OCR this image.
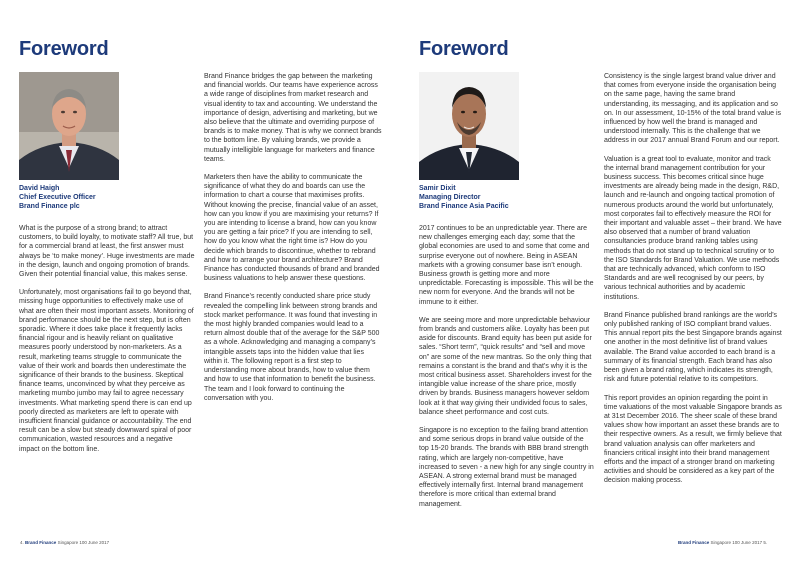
Foreword
David Haigh
Chief Executive Officer
Brand Finance plc

What is the purpose of a strong brand; to attract customers, to build loyalty, to motivate staff? All true, but for a commercial brand at least, the first answer must always be ‘to make money’. Huge investments are made in the design, launch and ongoing promotion of brands. Given their potential financial value, this makes sense.

Unfortunately, most organisations fail to go beyond that, missing huge opportunities to effectively make use of what are often their most important assets. Monitoring of brand performance should be the next step, but is often sporadic. Where it does take place it frequently lacks financial rigour and is heavily reliant on qualitative measures poorly understood by non-marketers. As a result, marketing teams struggle to communicate the value of their work and boards then underestimate the significance of their brands to the business. Skeptical finance teams, unconvinced by what they perceive as marketing mumbo jumbo may fail to agree necessary investments. What marketing spend there is can end up poorly directed as marketers are left to operate with insufficient financial guidance or accountability. The end result can be a slow but steady downward spiral of poor communication, wasted resources and a negative impact on the bottom line.

Brand Finance bridges the gap between the marketing and financial worlds. Our teams have experience across a wide range of disciplines from market research and visual identity to tax and accounting. We understand the importance of design, advertising and marketing, but we also believe that the ultimate and overriding purpose of brands is to make money. That is why we connect brands to the bottom line. By valuing brands, we provide a mutually intelligible language for marketers and finance teams.

Marketers then have the ability to communicate the significance of what they do and boards can use the information to chart a course that maximises profits. Without knowing the precise, financial value of an asset, how can you know if you are maximising your returns? If you are intending to license a brand, how can you know you are getting a fair price? If you are intending to sell, how do you know what the right time is? How do you decide which brands to discontinue, whether to rebrand and how to arrange your brand architecture? Brand Finance has conducted thousands of brand and branded business valuations to help answer these questions.

Brand Finance’s recently conducted share price study revealed the compelling link between strong brands and stock market performance. It was found that investing in the most highly branded companies would lead to a return almost double that of the average for the S&P 500 as a whole. Acknowledging and managing a company’s intangible assets taps into the hidden value that lies within it. The following report is a first step to understanding more about brands, how to value them and how to use that information to benefit the business. The team and I look forward to continuing the conversation with you.

4. Brand Finance Singapore 100 June 2017
Foreword
Samir Dixit
Managing Director
Brand Finance Asia Pacific

2017 continues to be an unpredictable year. There are new challenges emerging each day; some that the global economies are used to and some that come and surprise everyone out of nowhere. Being in ASEAN markets with a growing consumer base isn’t enough. Business growth is getting more and more unpredictable. Forecasting is impossible. This will be the new norm for everyone. And the brands will not be immune to it either.

We are seeing more and more unpredictable behaviour from brands and customers alike. Loyalty has been put aside for discounts. Brand equity has been put aside for sales. “Short term”, “quick results” and “sell and move on” are some of the new mantras. So the only thing that remains a constant is the brand and that’s why it is the most critical business asset. Shareholders invest for the intangible value increase of the share price, mostly driven by brands. Business managers however seldom look at it that way giving their undivided focus to sales, balance sheet performance and cost cuts.

Singapore is no exception to the failing brand attention and some serious drops in brand value outside of the top 15-20 brands. The brands with BBB brand strength rating, which are largely non-competitive, have increased to seven - a new high for any single country in ASEAN. A strong external brand must be managed effectively internally first. Internal brand management therefore is more critical than external brand management.

Consistency is the single largest brand value driver and that comes from everyone inside the organisation being on the same page, having the same brand understanding, its messaging, and its application and so on. In our assessment, 10-15% of the total brand value is influenced by how well the brand is managed and understood internally. This is the challenge that we address in our 2017 annual Brand Forum and our report.

Valuation is a great tool to evaluate, monitor and track the internal brand management contribution for your business success. This becomes critical since huge investments are already being made in the design, R&D, launch and re-launch and ongoing tactical promotion of numerous products around the world but unfortunately, most corporates fail to effectively measure the ROI for their important and valuable asset – their brand. We have also observed that a number of brand valuation consultancies produce brand ranking tables using methods that do not stand up to technical scrutiny or to the ISO Standards for Brand Valuation. We use methods that are technically advanced, which conform to ISO Standards and are well recognised by our peers, by various technical authorities and by academic institutions.

Brand Finance published brand rankings are the world’s only published ranking of ISO compliant brand values. This annual report pits the best Singapore brands against one another in the most definitive list of brand values available. The Brand value accorded to each brand is a summary of its financial strength. Each brand has also been given a brand rating, which indicates its strength, risk and future potential relative to its competitors.

This report provides an opinion regarding the point in time valuations of the most valuable Singapore brands as at 31st December 2016. The sheer scale of these brand values show how important an asset these brands are to their respective owners. As a result, we firmly believe that brand valuation analysis can offer marketers and financiers critical insight into their brand management efforts and the impact of a stronger brand on marketing activities and should be considered as a key part of the decision making process.

Brand Finance Singapore 100 June 2017 5.
